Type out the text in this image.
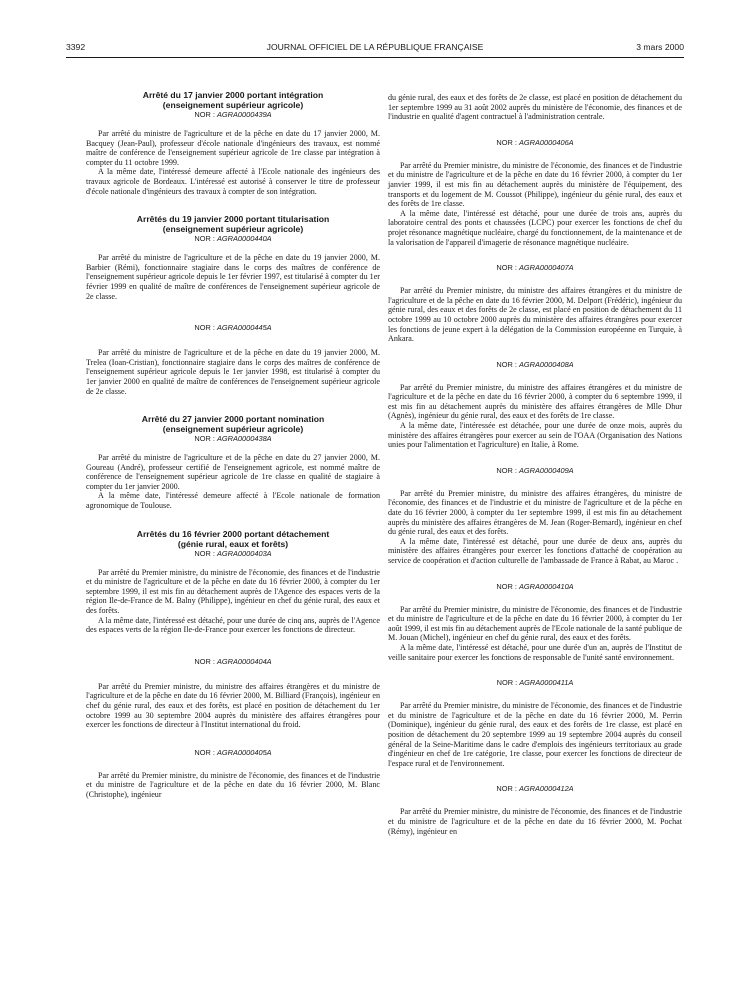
3392	JOURNAL OFFICIEL DE LA RÉPUBLIQUE FRANÇAISE	3 mars 2000
Arrêté du 17 janvier 2000 portant intégration
(enseignement supérieur agricole)
NOR : AGRA0000439A

Par arrêté du ministre de l'agriculture et de la pêche en date du 17 janvier 2000, M. Bacquey (Jean-Paul), professeur d'école nationale d'ingénieurs des travaux, est nommé maître de conférence de l'enseignement supérieur agricole de 1re classe par intégration à compter du 11 octobre 1999.

A la même date, l'intéressé demeure affecté à l'Ecole nationale des ingénieurs des travaux agricole de Bordeaux. L'intéressé est autorisé à conserver le titre de professeur d'école nationale d'ingénieurs des travaux à compter de son intégration.

Arrêtés du 19 janvier 2000 portant titularisation
(enseignement supérieur agricole)
NOR : AGRA0000440A

Par arrêté du ministre de l'agriculture et de la pêche en date du 19 janvier 2000, M. Barbier (Rémi), fonctionnaire stagiaire dans le corps des maîtres de conférence de l'enseignement supérieur agricole depuis le 1er février 1997, est titularisé à compter du 1er février 1999 en qualité de maître de conférences de l'enseignement supérieur agricole de 2e classe.

NOR : AGRA0000445A

Par arrêté du ministre de l'agriculture et de la pêche en date du 19 janvier 2000, M. Trelea (Ioan-Cristian), fonctionnaire stagiaire dans le corps des maîtres de conférence de l'enseignement supérieur agricole depuis le 1er janvier 1998, est titularisé à compter du 1er janvier 2000 en qualité de maître de conférences de l'enseignement supérieur agricole de 2e classe.

Arrêté du 27 janvier 2000 portant nomination
(enseignement supérieur agricole)
NOR : AGRA0000438A

Par arrêté du ministre de l'agriculture et de la pêche en date du 27 janvier 2000, M. Goureau (André), professeur certifié de l'enseignement agricole, est nommé maître de conférence de l'enseignement supérieur agricole de 1re classe en qualité de stagiaire à compter du 1er janvier 2000.

A la même date, l'intéressé demeure affecté à l'Ecole nationale de formation agronomique de Toulouse.

Arrêtés du 16 février 2000 portant détachement
(génie rural, eaux et forêts)
NOR : AGRA0000403A

Par arrêté du Premier ministre, du ministre de l'économie, des finances et de l'industrie et du ministre de l'agriculture et de la pêche en date du 16 février 2000, à compter du 1er septembre 1999, il est mis fin au détachement auprès de l'Agence des espaces verts de la région Ile-de-France de M. Balny (Philippe), ingénieur en chef du génie rural, des eaux et des forêts.

A la même date, l'intéressé est détaché, pour une durée de cinq ans, auprès de l'Agence des espaces verts de la région Ile-de-France pour exercer les fonctions de directeur.

NOR : AGRA0000404A

Par arrêté du Premier ministre, du ministre des affaires étrangères et du ministre de l'agriculture et de la pêche en date du 16 février 2000, M. Billiard (François), ingénieur en chef du génie rural, des eaux et des forêts, est placé en position de détachement du 1er octobre 1999 au 30 septembre 2004 auprès du ministère des affaires étrangères pour exercer les fonctions de directeur à l'Institut international du froid.

NOR : AGRA0000405A

Par arrêté du Premier ministre, du ministre de l'économie, des finances et de l'industrie et du ministre de l'agriculture et de la pêche en date du 16 février 2000, M. Blanc (Christophe), ingénieur

du génie rural, des eaux et des forêts de 2e classe, est placé en position de détachement du 1er septembre 1999 au 31 août 2002 auprès du ministère de l'économie, des finances et de l'industrie en qualité d'agent contractuel à l'administration centrale.

NOR : AGRA0000406A

Par arrêté du Premier ministre, du ministre de l'économie, des finances et de l'industrie et du ministre de l'agriculture et de la pêche en date du 16 février 2000, à compter du 1er janvier 1999, il est mis fin au détachement auprès du ministère de l'équipement, des transports et du logement de M. Coussot (Philippe), ingénieur du génie rural, des eaux et des forêts de 1re classe.

A la même date, l'intéressé est détaché, pour une durée de trois ans, auprès du laboratoire central des ponts et chaussées (LCPC) pour exercer les fonctions de chef du projet résonance magnétique nucléaire, chargé du fonctionnement, de la maintenance et de la valorisation de l'appareil d'imagerie de résonance magnétique nucléaire.

NOR : AGRA0000407A

Par arrêté du Premier ministre, du ministre des affaires étrangères et du ministre de l'agriculture et de la pêche en date du 16 février 2000, M. Delport (Frédéric), ingénieur du génie rural, des eaux et des forêts de 2e classe, est placé en position de détachement du 11 octobre 1999 au 10 octobre 2000 auprès du ministère des affaires étrangères pour exercer les fonctions de jeune expert à la délégation de la Commission européenne en Turquie, à Ankara.

NOR : AGRA0000408A

Par arrêté du Premier ministre, du ministre des affaires étrangères et du ministre de l'agriculture et de la pêche en date du 16 février 2000, à compter du 6 septembre 1999, il est mis fin au détachement auprès du ministère des affaires étrangères de Mlle Dhur (Agnès), ingénieur du génie rural, des eaux et des forêts de 1re classe.

A la même date, l'intéressée est détachée, pour une durée de onze mois, auprès du ministère des affaires étrangères pour exercer au sein de l'OAA (Organisation des Nations unies pour l'alimentation et l'agriculture) en Italie, à Rome.

NOR : AGRA0000409A

Par arrêté du Premier ministre, du ministre des affaires étrangères, du ministre de l'économie, des finances et de l'industrie et du ministre de l'agriculture et de la pêche en date du 16 février 2000, à compter du 1er septembre 1999, il est mis fin au détachement auprès du ministère des affaires étrangères de M. Jean (Roger-Bernard), ingénieur en chef du génie rural, des eaux et des forêts.

A la même date, l'intéressé est détaché, pour une durée de deux ans, auprès du ministère des affaires étrangères pour exercer les fonctions d'attaché de coopération au service de coopération et d'action culturelle de l'ambassade de France à Rabat, au Maroc .

NOR : AGRA0000410A

Par arrêté du Premier ministre, du ministre de l'économie, des finances et de l'industrie et du ministre de l'agriculture et de la pêche en date du 16 février 2000, à compter du 1er août 1999, il est mis fin au détachement auprès de l'Ecole nationale de la santé publique de M. Jouan (Michel), ingénieur en chef du génie rural, des eaux et des forêts.

A la même date, l'intéressé est détaché, pour une durée d'un an, auprès de l'Institut de veille sanitaire pour exercer les fonctions de responsable de l'unité santé environnement.

NOR : AGRA0000411A

Par arrêté du Premier ministre, du ministre de l'économie, des finances et de l'industrie et du ministre de l'agriculture et de la pêche en date du 16 février 2000, M. Perrin (Dominique), ingénieur du génie rural, des eaux et des forêts de 1re classe, est placé en position de détachement du 20 septembre 1999 au 19 septembre 2004 auprès du conseil général de la Seine-Maritime dans le cadre d'emplois des ingénieurs territoriaux au grade d'ingénieur en chef de 1re catégorie, 1re classe, pour exercer les fonctions de directeur de l'espace rural et de l'environnement.

NOR : AGRA0000412A

Par arrêté du Premier ministre, du ministre de l'économie, des finances et de l'industrie et du ministre de l'agriculture et de la pêche en date du 16 février 2000, M. Pochat (Rémy), ingénieur en
